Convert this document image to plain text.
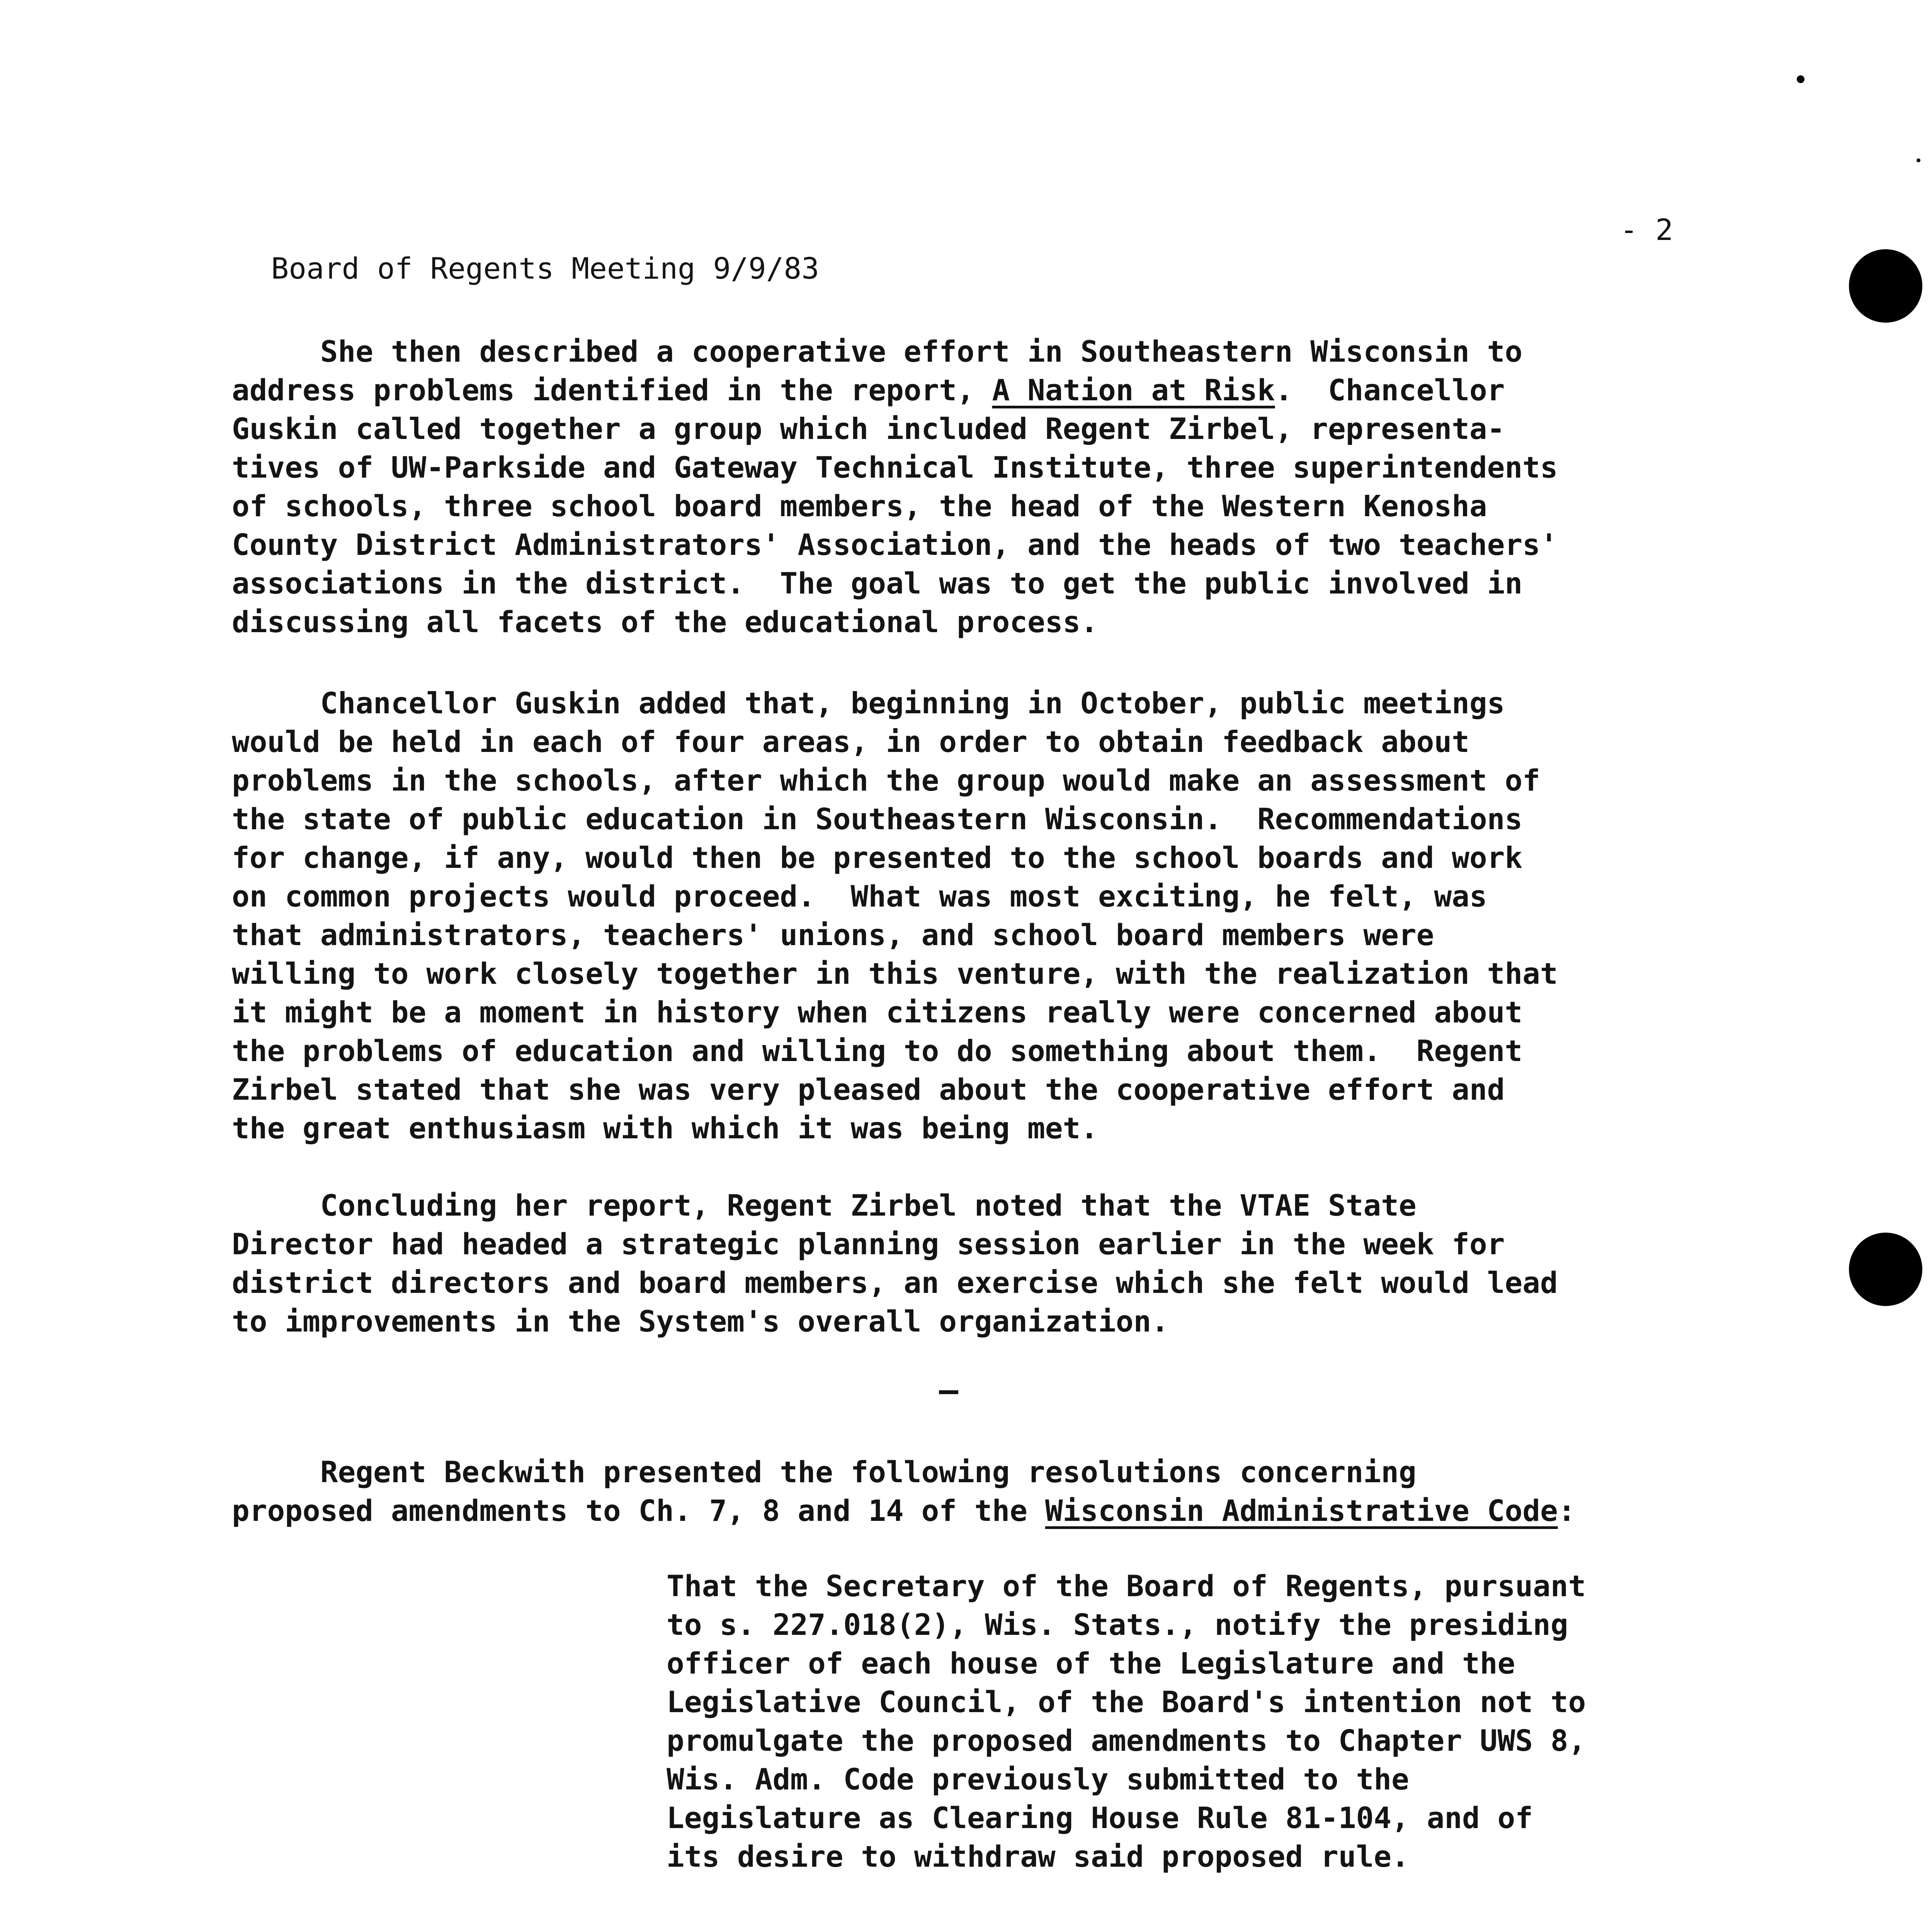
Board of Regents Meeting 9/9/83

- 2

She then described a cooperative effort in Southeastern Wisconsin to
address problems identified in the report, A Nation at Risk.  Chancellor
Guskin called together a group which included Regent Zirbel, representa-
tives of UW-Parkside and Gateway Technical Institute, three superintendents
of schools, three school board members, the head of the Western Kenosha
County District Administrators' Association, and the heads of two teachers'
associations in the district.  The goal was to get the public involved in
discussing all facets of the educational process.
Chancellor Guskin added that, beginning in October, public meetings
would be held in each of four areas, in order to obtain feedback about
problems in the schools, after which the group would make an assessment of
the state of public education in Southeastern Wisconsin.  Recommendations
for change, if any, would then be presented to the school boards and work
on common projects would proceed.  What was most exciting, he felt, was
that administrators, teachers' unions, and school board members were
willing to work closely together in this venture, with the realization that
it might be a moment in history when citizens really were concerned about
the problems of education and willing to do something about them.  Regent
Zirbel stated that she was very pleased about the cooperative effort and
the great enthusiasm with which it was being met.
Concluding her report, Regent Zirbel noted that the VTAE State
Director had headed a strategic planning session earlier in the week for
district directors and board members, an exercise which she felt would lead
to improvements in the System's overall organization.
Regent Beckwith presented the following resolutions concerning
proposed amendments to Ch. 7, 8 and 14 of the Wisconsin Administrative Code:
That the Secretary of the Board of Regents, pursuant
to s. 227.018(2), Wis. Stats., notify the presiding
officer of each house of the Legislature and the
Legislative Council, of the Board's intention not to
promulgate the proposed amendments to Chapter UWS 8,
Wis. Adm. Code previously submitted to the
Legislature as Clearing House Rule 81-104, and of
its desire to withdraw said proposed rule.
